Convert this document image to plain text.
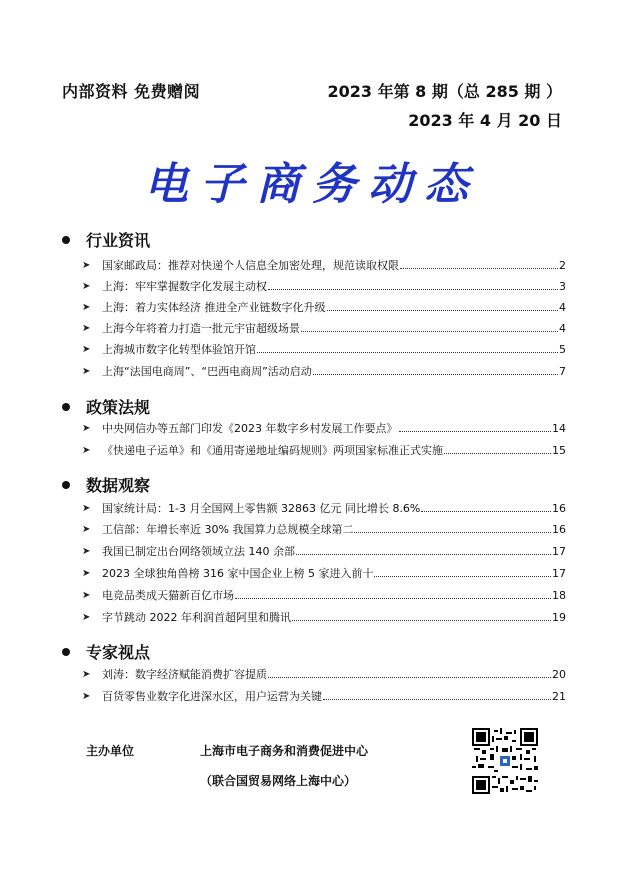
内部资料 免费赠阅	2023 年第 8 期（总 285 期 ）
2023 年 4 月 20 日
电子商务动态
行业资讯
➤	国家邮政局：推荐对快递个人信息全加密处理，规范读取权限	2
➤	上海：牢牢掌握数字化发展主动权	3
➤	上海：着力实体经济 推进全产业链数字化升级	4
➤	上海今年将着力打造一批元宇宙超级场景	4
➤	上海城市数字化转型体验馆开馆	5
➤	上海“法国电商周”、“巴西电商周”活动启动	7
政策法规
➤	中央网信办等五部门印发《2023 年数字乡村发展工作要点》	14
➤	《快递电子运单》和《通用寄递地址编码规则》两项国家标准正式实施	15
数据观察
➤	国家统计局：1-3 月全国网上零售额 32863 亿元 同比增长 8.6%	16
➤	工信部：年增长率近 30% 我国算力总规模全球第二	16
➤	我国已制定出台网络领域立法 140 余部	17
➤	2023 全球独角兽榜 316 家中国企业上榜 5 家进入前十	17
➤	电竞品类成天猫新百亿市场	18
➤	字节跳动 2022 年利润首超阿里和腾讯	19
专家视点
➤	刘涛：数字经济赋能消费扩容提质	20
➤	百货零售业数字化进深水区，用户运营为关键	21
主办单位	上海市电子商务和消费促进中心
（联合国贸易网络上海中心）
